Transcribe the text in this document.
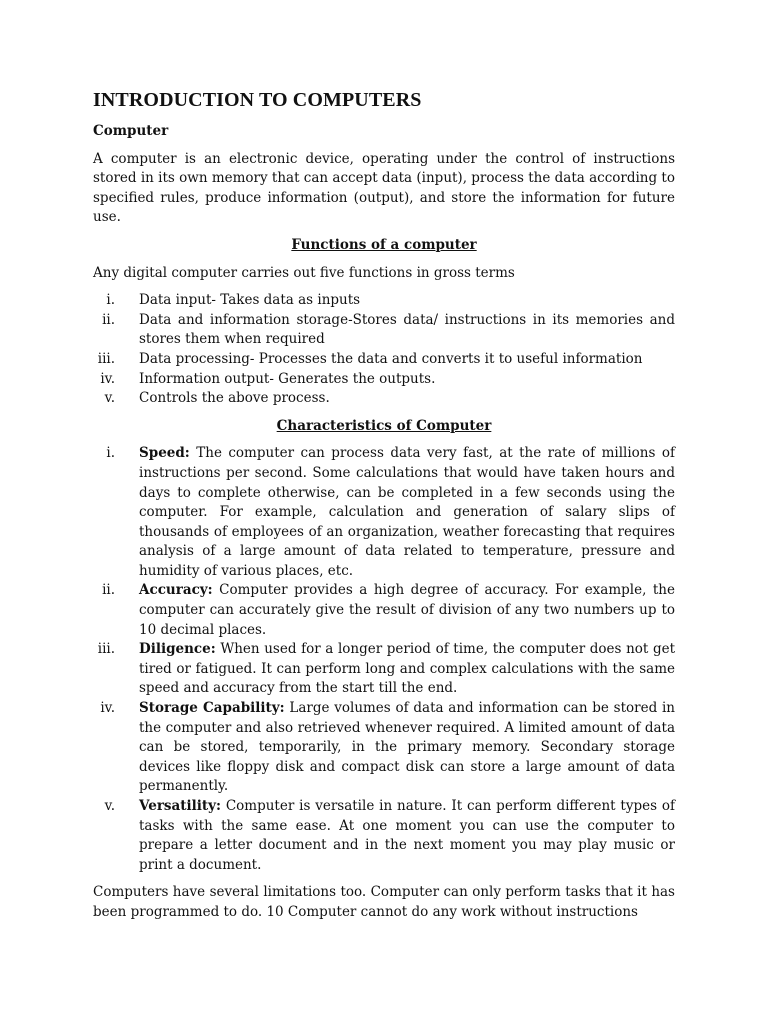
INTRODUCTION TO COMPUTERS
Computer

A computer is an electronic device, operating under the control of instructions stored in its own memory that can accept data (input), process the data according to specified rules, produce information (output), and store the information for future use.

Functions of a computer

Any digital computer carries out five functions in gross terms

i. Data input- Takes data as inputs
ii. Data and information storage-Stores data/ instructions in its memories and stores them when required
iii. Data processing- Processes the data and converts it to useful information
iv. Information output- Generates the outputs.
v. Controls the above process.
Characteristics of Computer
i. Speed: The computer can process data very fast, at the rate of millions of instructions per second. Some calculations that would have taken hours and days to complete otherwise, can be completed in a few seconds using the computer. For example, calculation and generation of salary slips of thousands of employees of an organization, weather forecasting that requires analysis of a large amount of data related to temperature, pressure and humidity of various places, etc.
ii. Accuracy: Computer provides a high degree of accuracy. For example, the computer can accurately give the result of division of any two numbers up to 10 decimal places.
iii. Diligence: When used for a longer period of time, the computer does not get tired or fatigued. It can perform long and complex calculations with the same speed and accuracy from the start till the end.
iv. Storage Capability: Large volumes of data and information can be stored in the computer and also retrieved whenever required. A limited amount of data can be stored, temporarily, in the primary memory. Secondary storage devices like floppy disk and compact disk can store a large amount of data permanently.
v. Versatility: Computer is versatile in nature. It can perform different types of tasks with the same ease. At one moment you can use the computer to prepare a letter document and in the next moment you may play music or print a document.

Computers have several limitations too. Computer can only perform tasks that it has been programmed to do. 10 Computer cannot do any work without instructions
